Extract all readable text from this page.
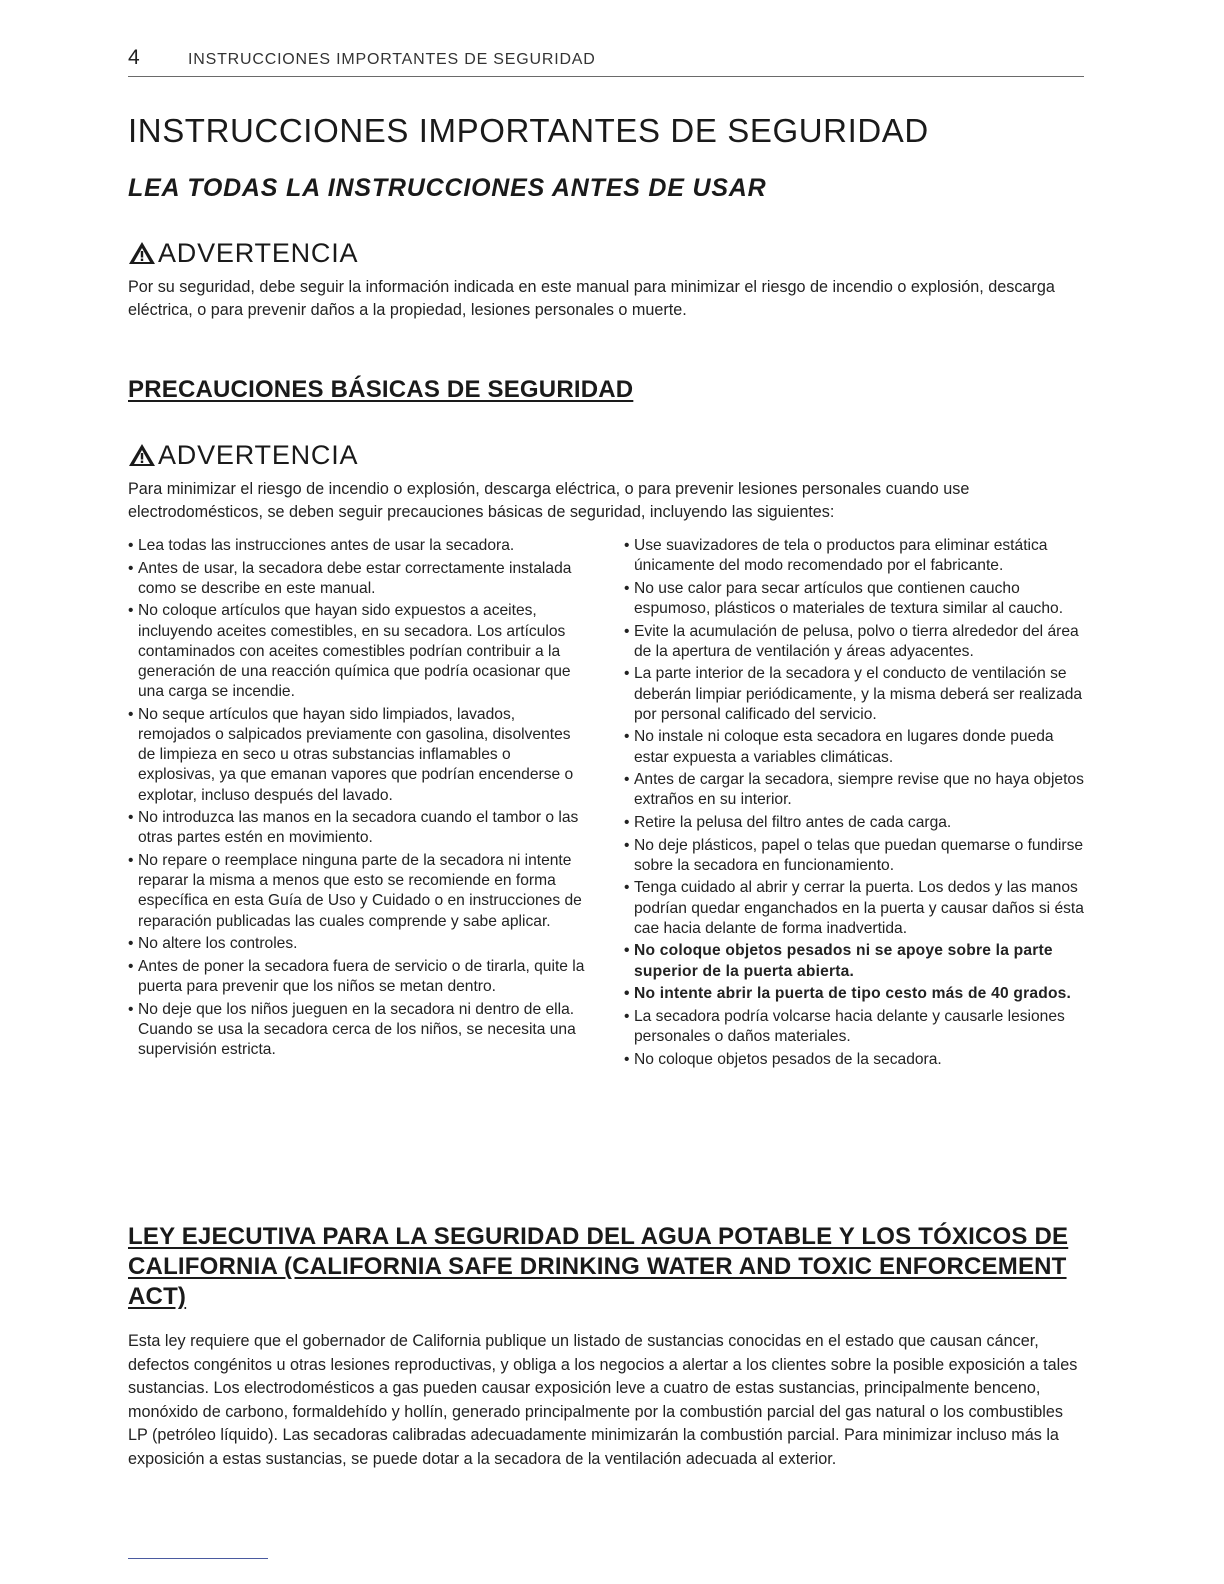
4	INSTRUCCIONES IMPORTANTES DE SEGURIDAD
INSTRUCCIONES IMPORTANTES DE SEGURIDAD
LEA TODAS LA INSTRUCCIONES ANTES DE USAR
ADVERTENCIA

Por su seguridad, debe seguir la información indicada en este manual para minimizar el riesgo de incendio o explosión, descarga eléctrica, o para prevenir daños a la propiedad, lesiones personales o muerte.

PRECAUCIONES BÁSICAS DE SEGURIDAD
ADVERTENCIA

Para minimizar el riesgo de incendio o explosión, descarga eléctrica, o para prevenir lesiones personales cuando use electrodomésticos, se deben seguir precauciones básicas de seguridad, incluyendo las siguientes:

• Lea todas las instrucciones antes de usar la secadora.
• Antes de usar, la secadora debe estar correctamente instalada como se describe en este manual.
• No coloque artículos que hayan sido expuestos a aceites, incluyendo aceites comestibles, en su secadora. Los artículos contaminados con aceites comestibles podrían contribuir a la generación de una reacción química que podría ocasionar que una carga se incendie.
• No seque artículos que hayan sido limpiados, lavados, remojados o salpicados previamente con gasolina, disolventes de limpieza en seco u otras substancias inflamables o explosivas, ya que emanan vapores que podrían encenderse o explotar, incluso después del lavado.
• No introduzca las manos en la secadora cuando el tambor o las otras partes estén en movimiento.
• No repare o reemplace ninguna parte de la secadora ni intente reparar la misma a menos que esto se recomiende en forma específica en esta Guía de Uso y Cuidado o en instrucciones de reparación publicadas las cuales comprende y sabe aplicar.
• No altere los controles.
• Antes de poner la secadora fuera de servicio o de tirarla, quite la puerta para prevenir que los niños se metan dentro.
• No deje que los niños jueguen en la secadora ni dentro de ella. Cuando se usa la secadora cerca de los niños, se necesita una supervisión estricta.
• Use suavizadores de tela o productos para eliminar estática únicamente del modo recomendado por el fabricante.
• No use calor para secar artículos que contienen caucho espumoso, plásticos o materiales de textura similar al caucho.
• Evite la acumulación de pelusa, polvo o tierra alrededor del área de la apertura de ventilación y áreas adyacentes.
• La parte interior de la secadora y el conducto de ventilación se deberán limpiar periódicamente, y la misma deberá ser realizada por personal calificado del servicio.
• No instale ni coloque esta secadora en lugares donde pueda estar expuesta a variables climáticas.
• Antes de cargar la secadora, siempre revise que no haya objetos extraños en su interior.
• Retire la pelusa del filtro antes de cada carga.
• No deje plásticos, papel o telas que puedan quemarse o fundirse sobre la secadora en funcionamiento.
• Tenga cuidado al abrir y cerrar la puerta. Los dedos y las manos podrían quedar enganchados en la puerta y causar daños si ésta cae hacia delante de forma inadvertida.
• No coloque objetos pesados ni se apoye sobre la parte superior de la puerta abierta.
• No intente abrir la puerta de tipo cesto más de 40 grados.
• La secadora podría volcarse hacia delante y causarle lesiones personales o daños materiales.
• No coloque objetos pesados de la secadora.
LEY EJECUTIVA PARA LA SEGURIDAD DEL AGUA POTABLE Y LOS TÓXICOS DE CALIFORNIA (CALIFORNIA SAFE DRINKING WATER AND TOXIC ENFORCEMENT ACT)

Esta ley requiere que el gobernador de California publique un listado de sustancias conocidas en el estado que causan cáncer, defectos congénitos u otras lesiones reproductivas, y obliga a los negocios a alertar a los clientes sobre la posible exposición a tales sustancias. Los electrodomésticos a gas pueden causar exposición leve a cuatro de estas sustancias, principalmente benceno, monóxido de carbono, formaldehído y hollín, generado principalmente por la combustión parcial del gas natural o los combustibles LP (petróleo líquido). Las secadoras calibradas adecuadamente minimizarán la combustión parcial. Para minimizar incluso más la exposición a estas sustancias, se puede dotar a la secadora de la ventilación adecuada al exterior.
